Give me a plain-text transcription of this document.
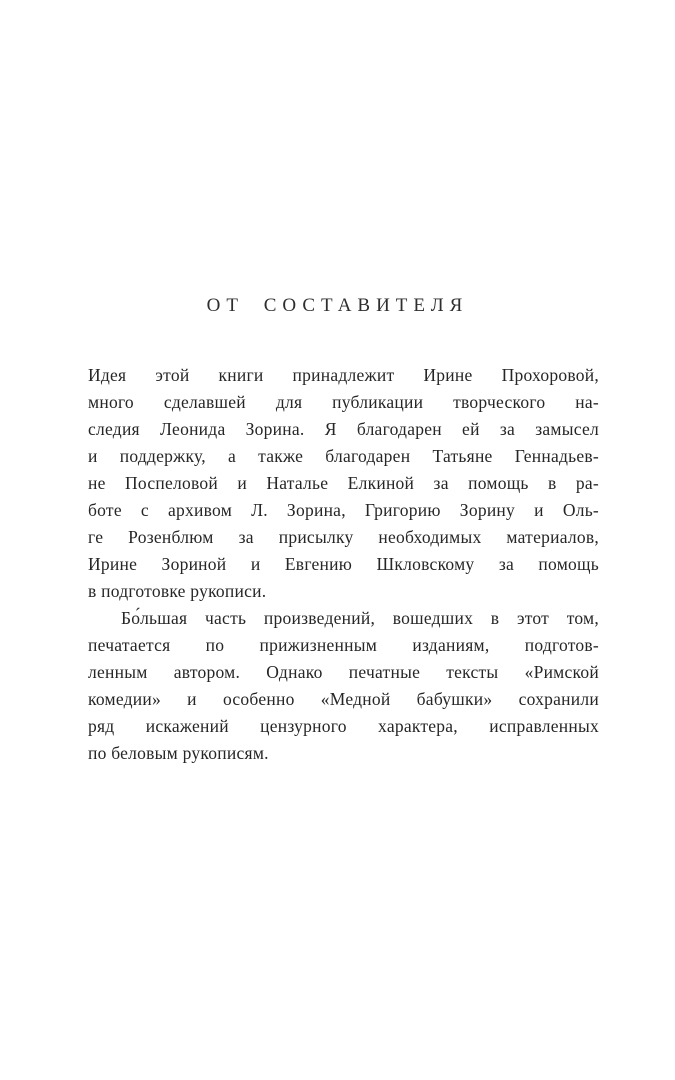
ОТ СОСТАВИТЕЛЯ
Идея этой книги принадлежит Ирине Прохоровой,
много сделавшей для публикации творческого на-
следия Леонида Зорина. Я благодарен ей за замысел
и поддержку, а также благодарен Татьяне Геннадьев-
не Поспеловой и Наталье Елкиной за помощь в ра-
боте с архивом Л. Зорина, Григорию Зорину и Оль-
ге Розенблюм за присылку необходимых материалов,
Ирине Зориной и Евгению Шкловскому за помощь
в подготовке рукописи.
Бо́льшая часть произведений, вошедших в этот том,
печатается по прижизненным изданиям, подготов-
ленным автором. Однако печатные тексты «Римской
комедии» и особенно «Медной бабушки» сохранили
ряд искажений цензурного характера, исправленных
по беловым рукописям.
